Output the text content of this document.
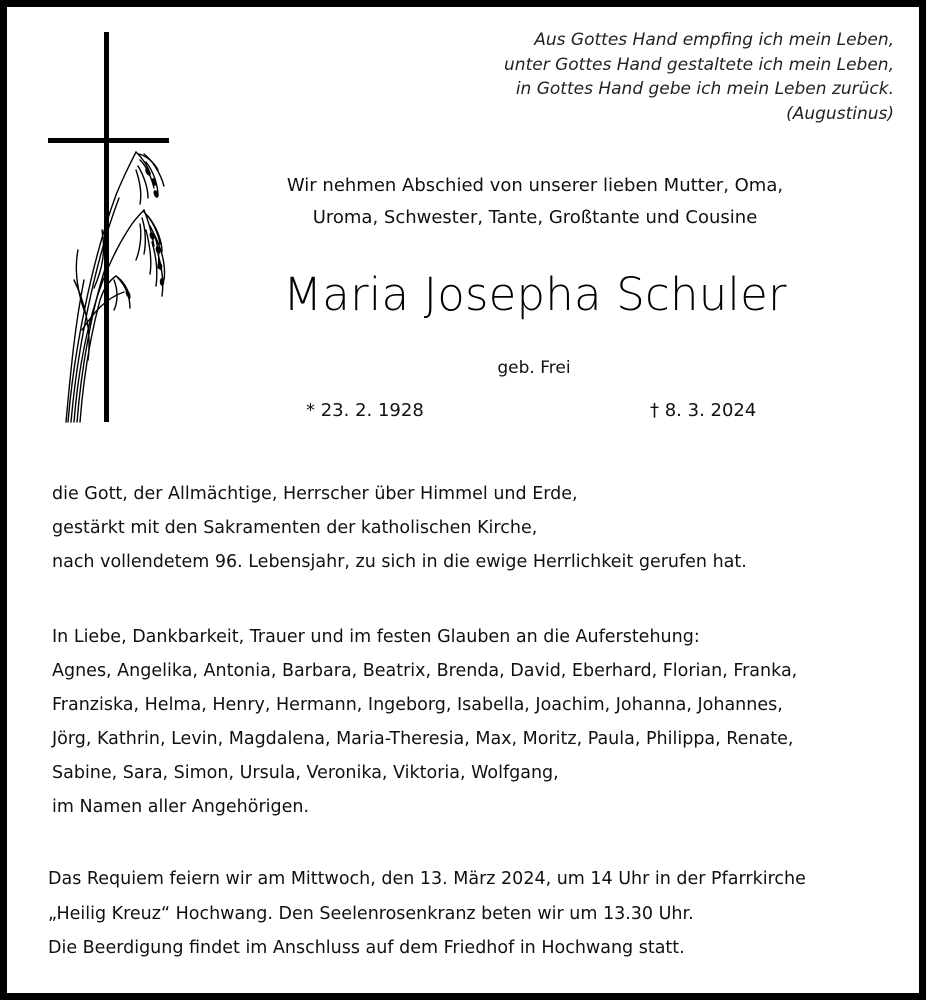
Aus Gottes Hand empfing ich mein Leben,
unter Gottes Hand gestaltete ich mein Leben,
in Gottes Hand gebe ich mein Leben zurück.
(Augustinus)
Wir nehmen Abschied von unserer lieben Mutter, Oma,
Uroma, Schwester, Tante, Großtante und Cousine
Maria Josepha Schuler
geb. Frei
* 23. 2. 1928	† 8. 3. 2024
die Gott, der Allmächtige, Herrscher über Himmel und Erde,
gestärkt mit den Sakramenten der katholischen Kirche,
nach vollendetem 96. Lebensjahr, zu sich in die ewige Herrlichkeit gerufen hat.
In Liebe, Dankbarkeit, Trauer und im festen Glauben an die Auferstehung:
Agnes, Angelika, Antonia, Barbara, Beatrix, Brenda, David, Eberhard, Florian, Franka,
Franziska, Helma, Henry, Hermann, Ingeborg, Isabella, Joachim, Johanna, Johannes,
Jörg, Kathrin, Levin, Magdalena, Maria-Theresia, Max, Moritz, Paula, Philippa, Renate,
Sabine, Sara, Simon, Ursula, Veronika, Viktoria, Wolfgang,
im Namen aller Angehörigen.
Das Requiem feiern wir am Mittwoch, den 13. März 2024, um 14 Uhr in der Pfarrkirche
„Heilig Kreuz“ Hochwang. Den Seelenrosenkranz beten wir um 13.30 Uhr.
Die Beerdigung findet im Anschluss auf dem Friedhof in Hochwang statt.
